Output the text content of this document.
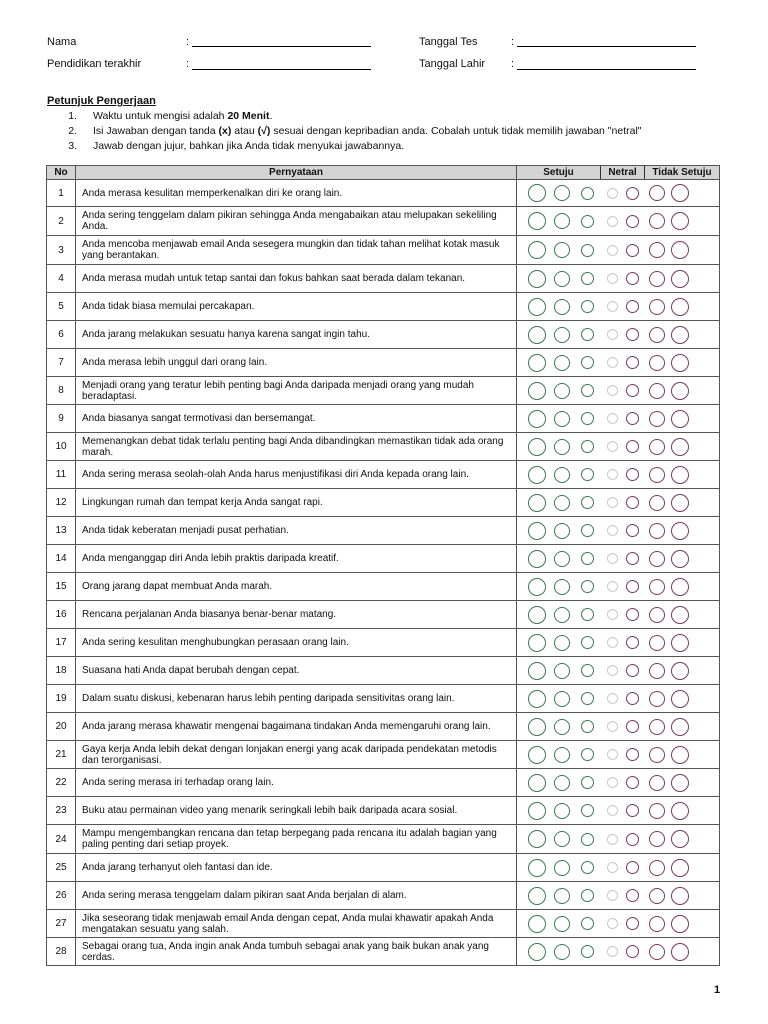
Nama	:
Pendidikan terakhir	:
Tanggal Tes	:
Tanggal Lahir :
Petunjuk Pengerjaan
1. Waktu untuk mengisi adalah 20 Menit.
2. Isi Jawaban dengan tanda (x) atau (√) sesuai dengan kepribadian anda. Cobalah untuk tidak memilih jawaban "netral"
3. Jawab dengan jujur, bahkan jika Anda tidak menyukai jawabannya.
No	Pernyataan	Setuju	Netral	Tidak Setuju
1	Anda merasa kesulitan memperkenalkan diri ke orang lain.			

2	Anda sering tenggelam dalam pikiran sehingga Anda mengabaikan atau melupakan sekeliling Anda.			

3	Anda mencoba menjawab email Anda sesegera mungkin dan tidak tahan melihat kotak masuk yang berantakan.			

4	Anda merasa mudah untuk tetap santai dan fokus bahkan saat berada dalam tekanan.			

5	Anda tidak biasa memulai percakapan.			

6	Anda jarang melakukan sesuatu hanya karena sangat ingin tahu.			

7	Anda merasa lebih unggul dari orang lain.			

8	Menjadi orang yang teratur lebih penting bagi Anda daripada menjadi orang yang mudah beradaptasi.			

9	Anda biasanya sangat termotivasi dan bersemangat.			

10	Memenangkan debat tidak terlalu penting bagi Anda dibandingkan memastikan tidak ada orang marah.			

11	Anda sering merasa seolah-olah Anda harus menjustifikasi diri Anda kepada orang lain.			

12	Lingkungan rumah dan tempat kerja Anda sangat rapi.			

13	Anda tidak keberatan menjadi pusat perhatian.			

14	Anda menganggap diri Anda lebih praktis daripada kreatif.			

15	Orang jarang dapat membuat Anda marah.			

16	Rencana perjalanan Anda biasanya benar-benar matang.			

17	Anda sering kesulitan menghubungkan perasaan orang lain.			

18	Suasana hati Anda dapat berubah dengan cepat.			

19	Dalam suatu diskusi, kebenaran harus lebih penting daripada sensitivitas orang lain.			

20	Anda jarang merasa khawatir mengenai bagaimana tindakan Anda memengaruhi orang lain.			

21	Gaya kerja Anda lebih dekat dengan lonjakan energi yang acak daripada pendekatan metodis dan terorganisasi.			

22	Anda sering merasa iri terhadap orang lain.			

23	Buku atau permainan video yang menarik seringkali lebih baik daripada acara sosial.			

24	Mampu mengembangkan rencana dan tetap berpegang pada rencana itu adalah bagian yang paling penting dari setiap proyek.			

25	Anda jarang terhanyut oleh fantasi dan ide.			

26	Anda sering merasa tenggelam dalam pikiran saat Anda berjalan di alam.			

27	Jika seseorang tidak menjawab email Anda dengan cepat, Anda mulai khawatir apakah Anda mengatakan sesuatu yang salah.			

28	Sebagai orang tua, Anda ingin anak Anda tumbuh sebagai anak yang baik bukan anak yang cerdas.			
1
